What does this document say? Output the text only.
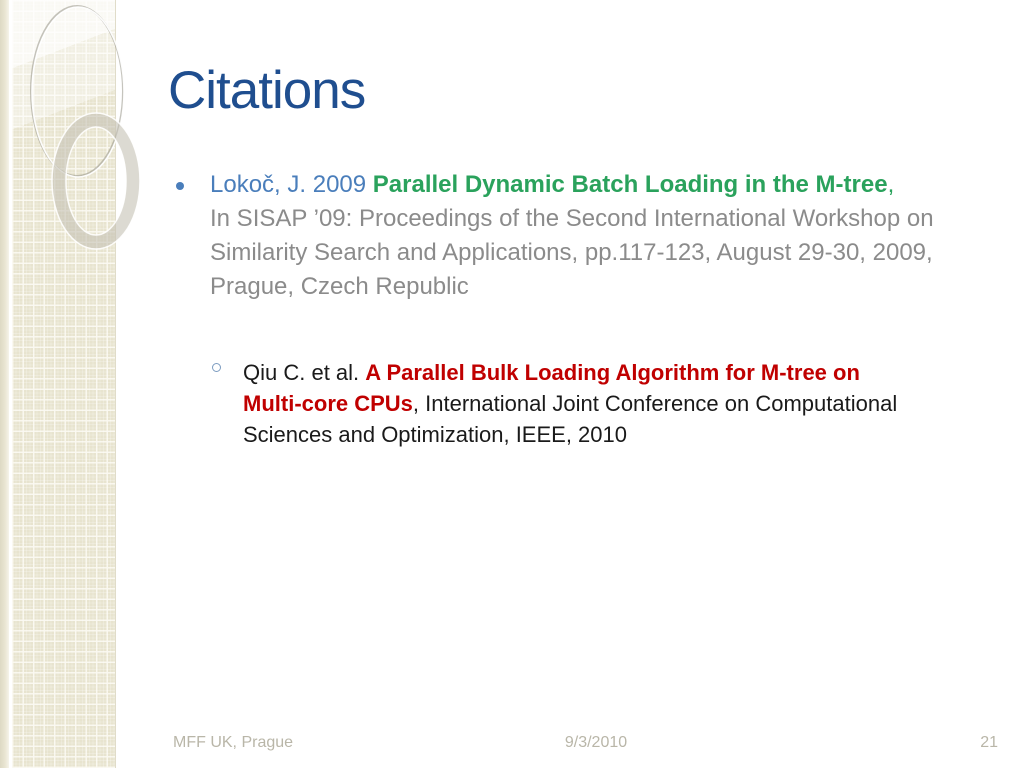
Citations
Lokoč, J. 2009 Parallel Dynamic Batch Loading in the M-tree,
In SISAP ’09: Proceedings of the Second International Workshop on
Similarity Search and Applications, pp.117-123, August 29-30, 2009,
Prague, Czech Republic
Qiu C. et al. A Parallel Bulk Loading Algorithm for M-tree on
Multi-core CPUs, International Joint Conference on Computational
Sciences and Optimization, IEEE, 2010
MFF UK, Prague	9/3/2010	21
